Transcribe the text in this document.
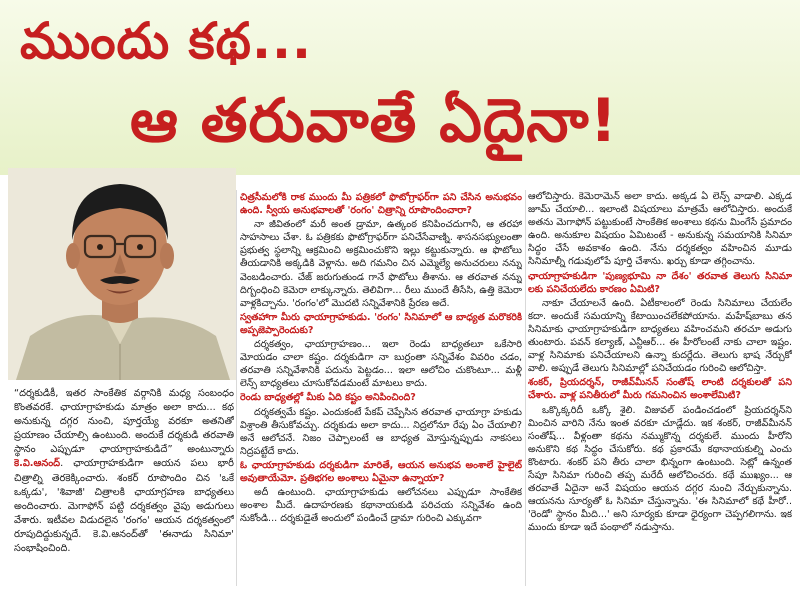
ముందు కథ...
ఆ తరువాతే ఏదైనా!
“దర్శకుడికీ, ఇతర సాంకేతిక వర్గానికి మధ్య సంబంధం కొంతవరకే. ఛాయాగ్రాహకుడు మాత్రం అలా కాదు... కథ అనుకున్న దగ్గర నుంచి, పూర్తయ్యే వరకూ అతనితో ప్రయాణం చేయాల్సి ఉంటుంది. అందుకే దర్శకుడి తరవాతి స్థానం ఎప్పుడూ ఛాయాగ్రాహకుడిదే” అంటున్నారు కె.వి.ఆనంద్. ఛాయాగ్రాహకుడిగా ఆయన పలు భారీ చిత్రాల్ని తెరకెక్కించారు. శంకర్ రూపొందిం చిన 'ఒకే ఒక్కడు', 'శివాజీ' చిత్రాలకి ఛాయాగ్రహణ బాధ్యతలు అందించారు. మెగాఫోన్ పట్టి దర్శకత్వం వైపు అడుగులు వేశారు. ఇటీవల విడుదలైన 'రంగం' ఆయన దర్శకత్వంలో రూపుదిద్దుకున్నదే. కె.వి.ఆనంద్‌తో 'ఈనాడు సినిమా' సంభాషించింది.

చిత్రసీమలోకి రాక ముందు మీ పత్రికలో ఫొటోగ్రాఫర్‌గా పని చేసిన అనుభవం ఉంది. స్వీయ అనుభవాలతో 'రంగం' చిత్రాన్ని రూపొందించారా?

నా జీవితంలో మరీ అంత డ్రామా, ఉత్కంఠ కనిపించదుగానీ, ఆ తరహా సాహసాలు చేశా. ఓ పత్రికకు ఫొటోగ్రాఫర్‌గా పనిచేసేవాణ్ని. శాసనసభ్యులంతా ప్రభుత్వ స్థలాన్ని ఆక్రమించి అక్రమించుకొని ఇల్లు కట్టుకున్నారు. ఆ ఫొటోలు తీయడానికి అక్కడికి వెళ్లాను. అది గమనిం చిన ఎమ్మెల్యే అనుచరులు నన్ను వెంబడించారు. చేజ్ జరుగుతుండ గానే ఫొటోలు తీశాను. ఆ తరవాత నన్ను దిగ్బంధించి కెమెరా లాక్కున్నారు. తెలివిగా... రీలు ముందే తీసేసి, ఉత్తి కెమెరా వాళ్లకిచ్చాను. 'రంగం'లో మొదటి సన్నివేశానికి ప్రేరణ అదే.

స్వతహాగా మీరు ఛాయాగ్రాహకుడు. 'రంగం' సినిమాలో ఆ బాధ్యత మరొకరికి అప్పజెప్పారెందుకు?

దర్శకత్వం, ఛాయాగ్రాహణం... ఇలా రెండు బాధ్యతలూ ఒకేసారి మోయడం చాలా కష్టం. దర్శకుడిగా నా బుర్రంతా సన్నివేశం వివరిం చడం, తరవాతి సన్నివేశానికి పదును పెట్టడం... ఇలా ఆలోచిం చుకొంటూ... మళ్లీ లెన్స్ బాధ్యతలు చూసుకోవడమంటే మాటలు కాదు.

రెండు బాధ్యతల్లో మీకు ఏది కష్టం అనిపించింది?

దర్శకత్వమే కష్టం. ఎందుకంటే పేకప్ చెప్పేసిన తరవాత ఛాయాగ్రా హకుడు విశ్రాంతి తీసుకోవచ్చు. దర్శకుడు అలా కాదు... నిద్రలోనూ రేపు ఏం చేయాలి? అనే ఆలోచనే. నిజం చెప్పాలంటే ఆ బాధ్యత మోస్తున్నప్పుడు నాకసలు నిద్రపట్టేదే కాదు.

ఓ ఛాయాగ్రాహకుడు దర్శకుడిగా మారితే, ఆయన అనుభవ అంశాలే హైలైట్ అవుతాయేమో. ప్రతిభగల అంశాలు ఏమైనా ఉన్నాయా?

అదీ ఉంటుంది. ఛాయాగ్రాహకుడు ఆలోచనలు ఎప్పుడూ సాంకేతిక అంశాల మీదే. ఉదాహరణకు కథానాయకుడి పరిచయ సన్నివేశం ఉంది నుకోండి... దర్శకుడైతే అందులో పండించే డ్రామా గురించి ఎక్కువగా

ఆలోచిస్తారు. కెమెరామెన్ అలా కాదు. అక్కడ ఏ లెన్స్ వాడాలి. ఎక్కడ జూమ్ చేయాలి... ఇలాంటి విషయాలు మాత్రమే ఆలోచిస్తారు. అందుకే అతను మెగాఫోన్ పట్టుకుంటే సాంకేతిక అంశాలు కథను మింగేసే ప్రమాదం ఉంది. అనుకూల విషయం ఏమిటంటే - అనుకున్న సమయానికి సినిమా సిద్ధం చేసే అవకాశం ఉంది. నేను దర్శకత్వం వహించిన మూడు సినిమాల్నీ గడువులోపే పూర్తి చేశాను. ఖర్చు కూడా తగ్గించాను.

ఛాయాగ్రాహకుడిగా 'పుణ్యభూమి నా దేశం' తరవాత తెలుగు సినిమా లకు పనిచేయలేదు కారణం ఏమిటి?

నాకూ చేయాలనే ఉంది. ఏటీకాలంలో రెండు సినిమాలు చేయలేం కదా. అందుకే సమయాన్ని కేటాయించలేకపోయాను. మహేష్‌బాబు తన సినిమాకు ఛాయాగ్రాహకుడిగా బాధ్యతలు వహించమని తరచూ అడుగు తుంటారు. పవన్ కల్యాణ్, ఎన్టీఆర్... ఈ హీరోలంటే నాకు చాలా ఇష్టం. వాళ్ల సినిమాకు పనిచేయాలని ఉన్నా కుదర్లేదు. తెలుగు భాష నేర్చుకో వాలి. అప్పుడే తెలుగు సినిమాల్లో పనిచేయడం గురించి ఆలోచిస్తా.

శంకర్, ప్రియదర్శన్, రాజీవ్‌మీనన్ సంతోష్ లాంటి దర్శకులతో పని చేశారు. వాళ్ల పనితీరులో మీరు గమనించిన అంశాలేమిటి?

ఒక్కొక్కరిదీ ఒక్కో శైలి. విజువల్ పండించడంలో ప్రియదర్శన్‌ని మించిన వారిని నేను ఇంత వరకూ చూడ్లేదు. ఇక శంకర్, రాజీవ్‌మీనన్ సంతోష్... వీళ్లంతా కథను నమ్ముకొన్న దర్శకులే. ముందు హీరోని అనుకొని కథ సిద్ధం చేసుకోరు. కథ ప్రకారమే కథానాయకుల్ని ఎంచు కొంటారు. శంకర్ పని తీరు చాలా భిన్నంగా ఉంటుంది. సెట్లో ఉన్నంత సేపూ సినిమా గురించి తప్ప మరేదీ ఆలోచించరు. కథే ముఖ్యం... ఆ తరవాతే ఏదైనా అనే విషయం ఆయన దగ్గర నుంచి నేర్చుకున్నాను. ఆయనను సూర్యతో ఓ సినిమా చేస్తున్నాను. 'ఈ సినిమాలో కథే హీరో.. 'రెండో' స్థానం మీది...' అని సూర్యకు కూడా ధైర్యంగా చెప్పగలిగాను. ఇక ముందు కూడా ఇదే పంథాలో నడుస్తాను.
